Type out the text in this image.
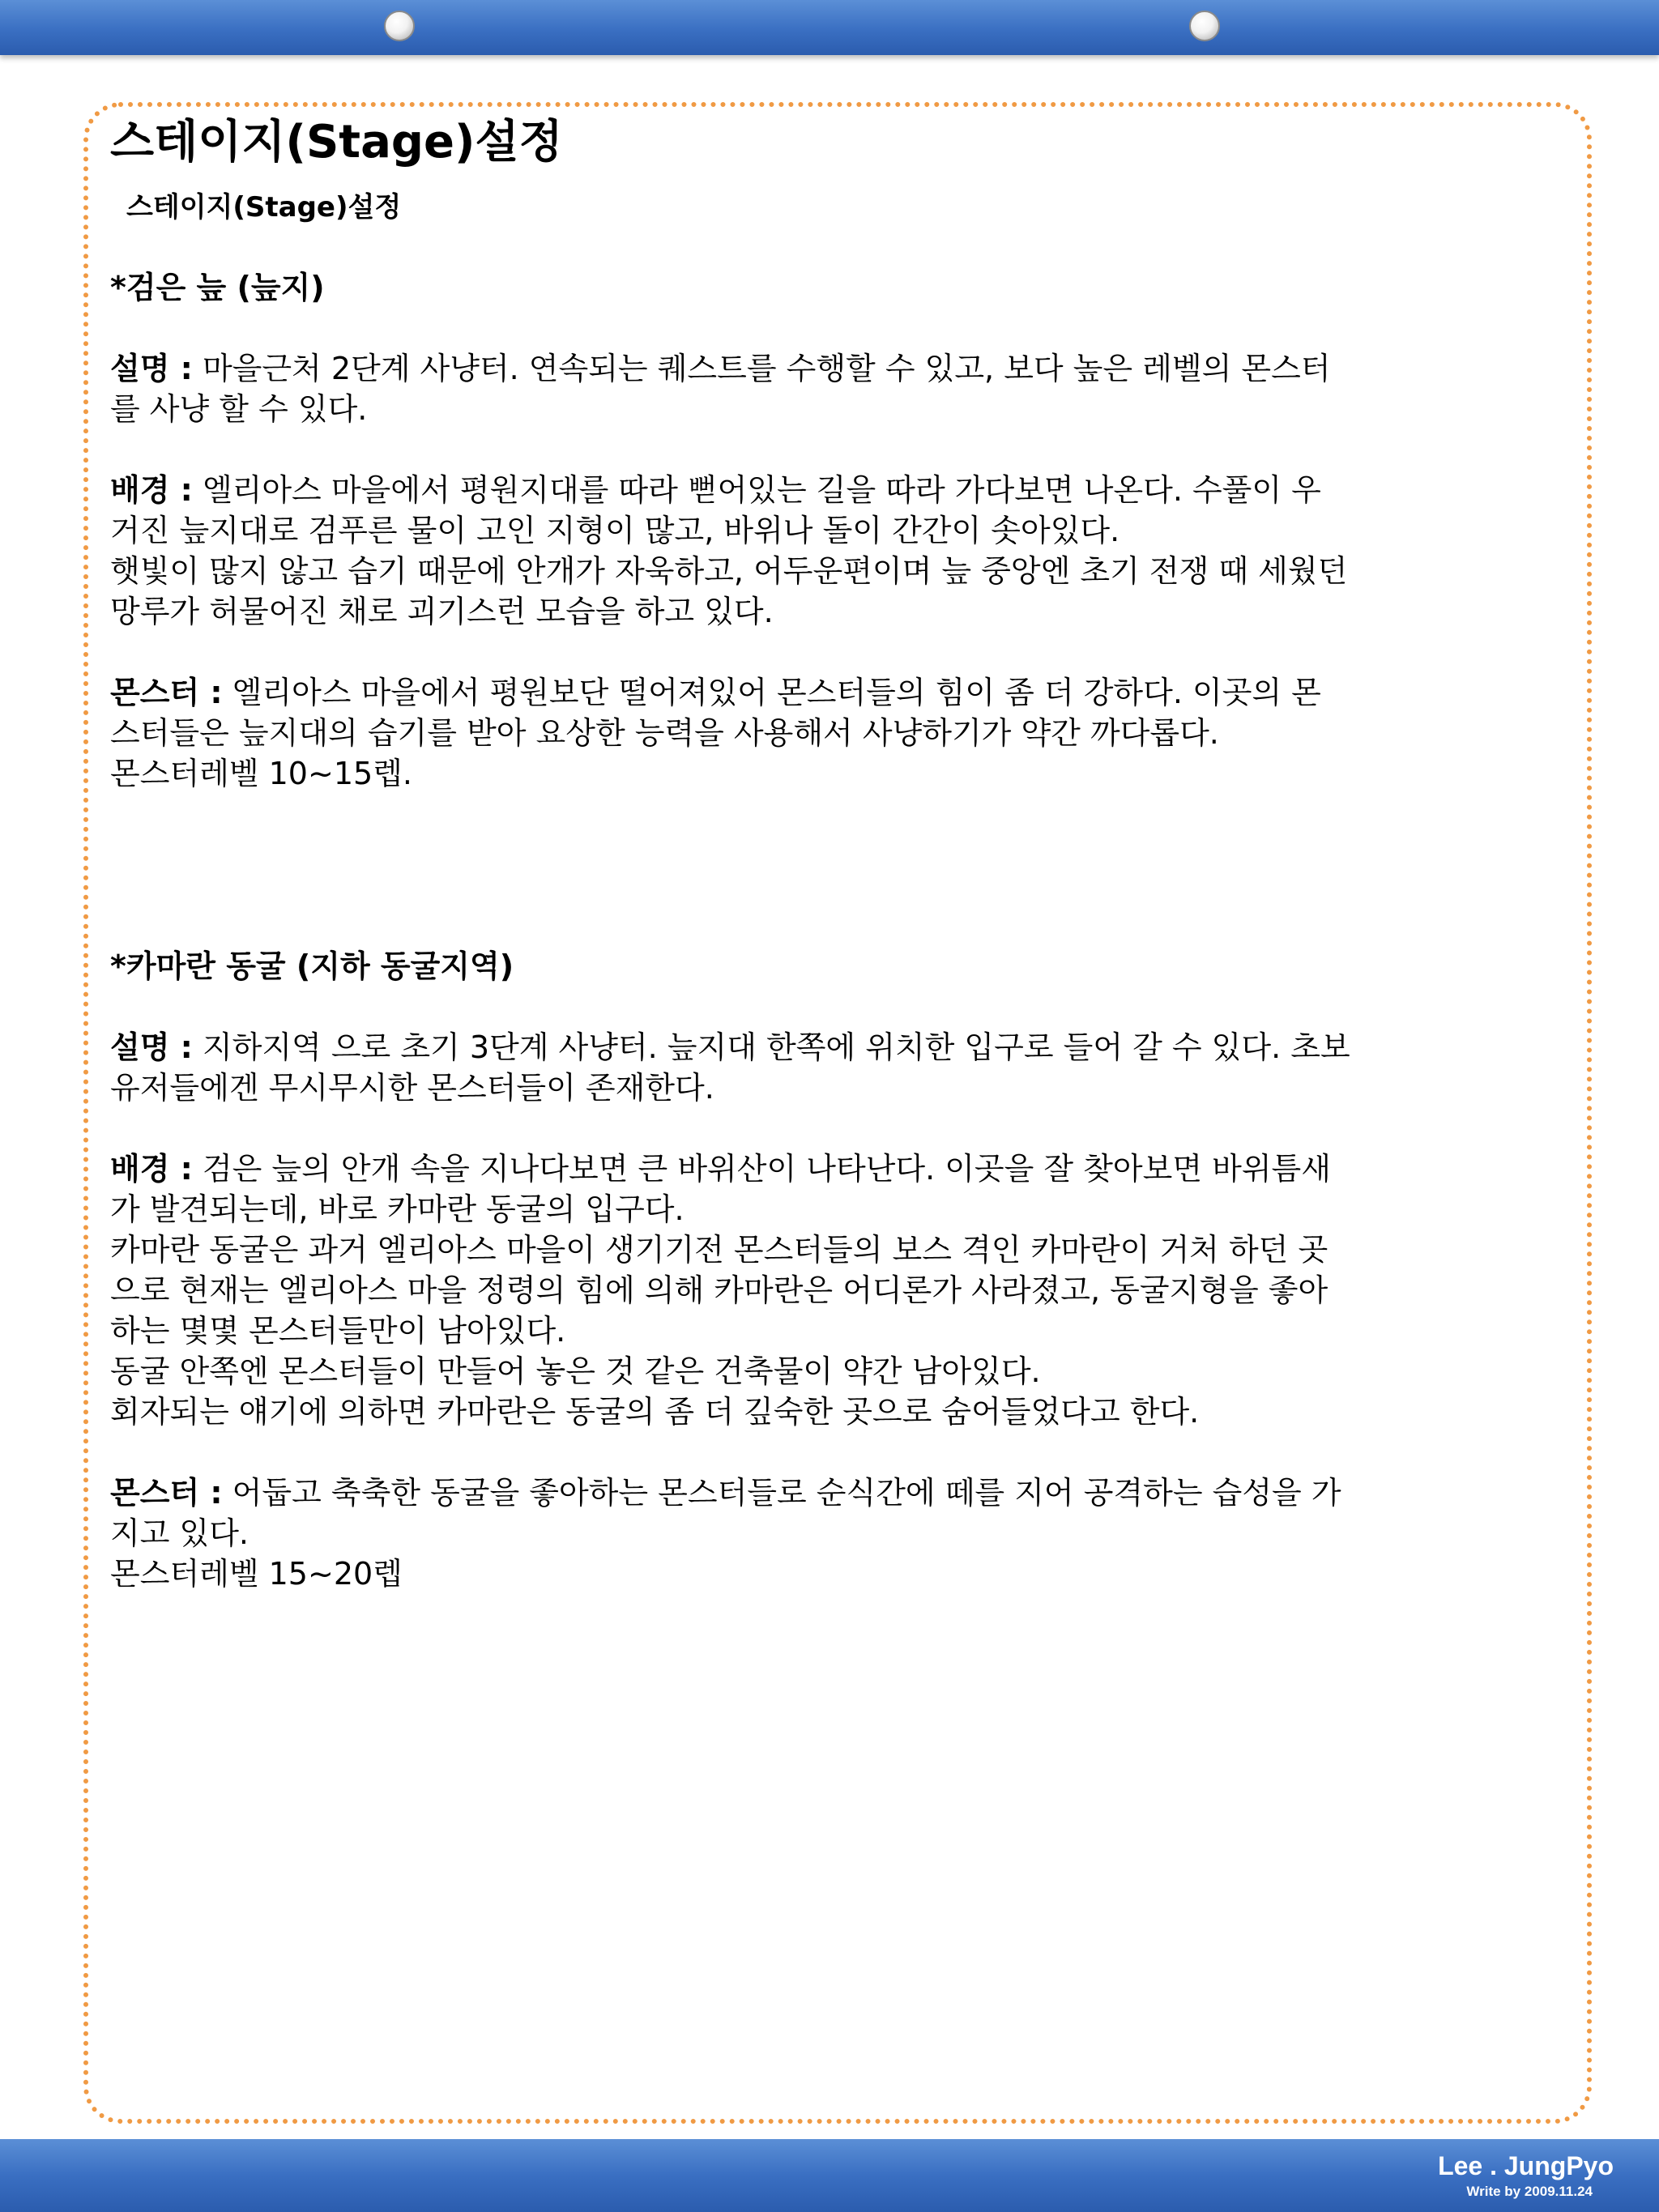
스테이지(Stage)설정
스테이지(Stage)설정
*검은 늪 (늪지)
설명 : 마을근처 2단계 사냥터. 연속되는 퀘스트를 수행할 수 있고, 보다 높은 레벨의 몬스터
를 사냥 할 수 있다.
배경 : 엘리아스 마을에서 평원지대를 따라 뻗어있는 길을 따라 가다보면 나온다. 수풀이 우
거진 늪지대로 검푸른 물이 고인 지형이 많고, 바위나 돌이 간간이 솟아있다.
햇빛이 많지 않고 습기 때문에 안개가 자욱하고, 어두운편이며 늪 중앙엔 초기 전쟁 때 세웠던
망루가 허물어진 채로 괴기스런 모습을 하고 있다.
몬스터 : 엘리아스 마을에서 평원보단 떨어져있어 몬스터들의 힘이 좀 더 강하다. 이곳의 몬
스터들은 늪지대의 습기를 받아 요상한 능력을 사용해서 사냥하기가 약간 까다롭다.
몬스터레벨 10~15렙.
*카마란 동굴 (지하 동굴지역)
설명 : 지하지역 으로 초기 3단계 사냥터. 늪지대 한쪽에 위치한 입구로 들어 갈 수 있다. 초보
유저들에겐 무시무시한 몬스터들이 존재한다.
배경 : 검은 늪의 안개 속을 지나다보면 큰 바위산이 나타난다. 이곳을 잘 찾아보면 바위틈새
가 발견되는데, 바로 카마란 동굴의 입구다.
카마란 동굴은 과거 엘리아스 마을이 생기기전 몬스터들의 보스 격인 카마란이 거처 하던 곳
으로 현재는 엘리아스 마을 정령의 힘에 의해 카마란은 어디론가 사라졌고, 동굴지형을 좋아
하는 몇몇 몬스터들만이 남아있다.
동굴 안쪽엔 몬스터들이 만들어 놓은 것 같은 건축물이 약간 남아있다.
회자되는 얘기에 의하면 카마란은 동굴의 좀 더 깊숙한 곳으로 숨어들었다고 한다.
몬스터 : 어둡고 축축한 동굴을 좋아하는 몬스터들로 순식간에 떼를 지어 공격하는 습성을 가
지고 있다.
몬스터레벨 15~20렙
Lee . JungPyo
Write by 2009.11.24
